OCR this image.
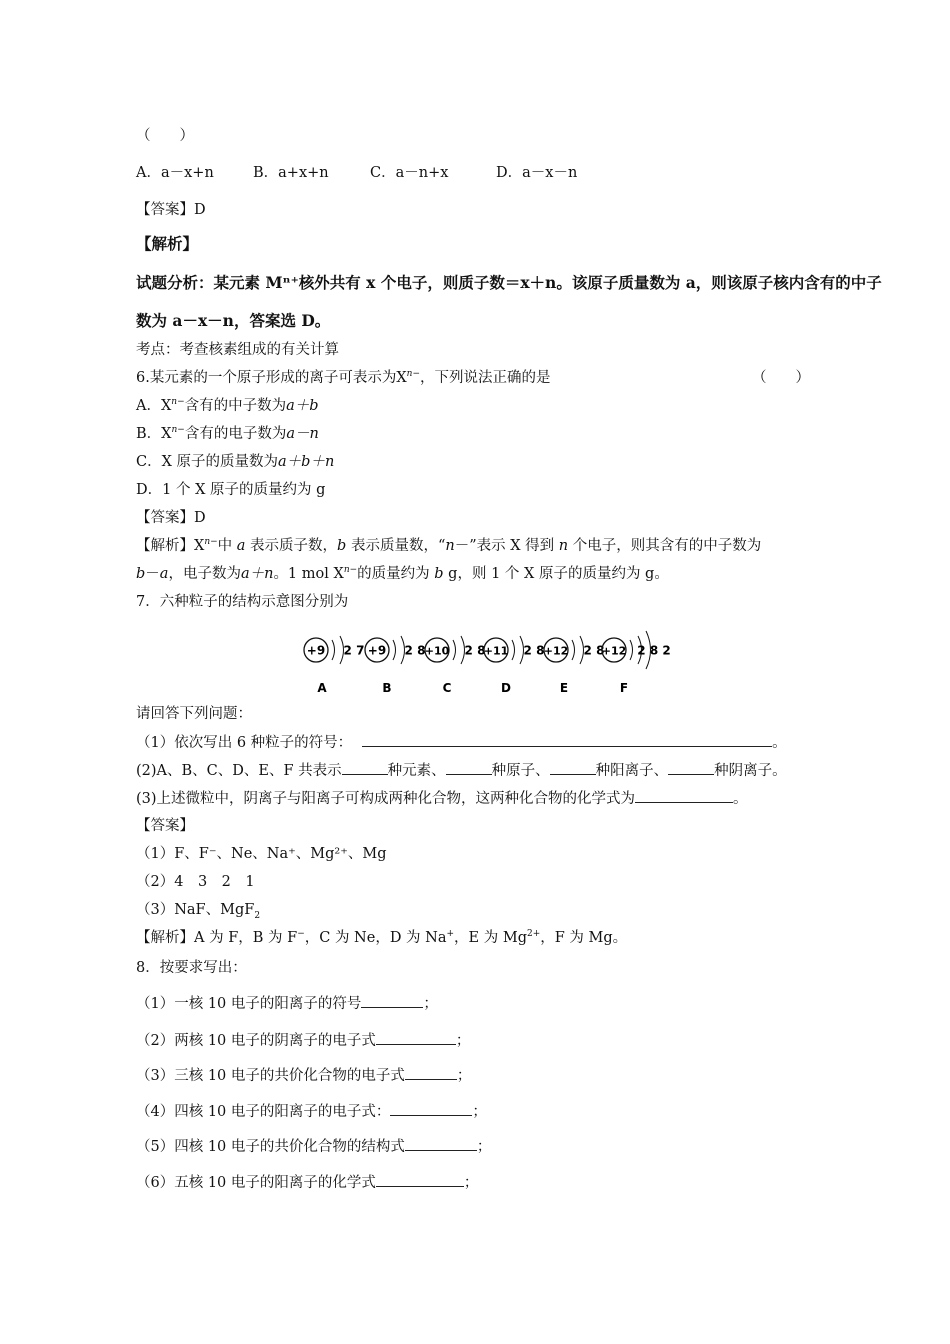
（　　）
A．a－x+n	B．a+x+n	C．a－n+x	D．a－x－n
【答案】D
【解析】
试题分析：某元素 Mⁿ⁺核外共有 x 个电子，则质子数＝x＋n。该原子质量数为 a，则该原子核内含有的中子
数为 a－x－n，答案选 D。
考点：考查核素组成的有关计算
6.某元素的一个原子形成的离子可表示为$X^{n-}$，下列说法正确的是	（　　）
A．$X^{n-}$含有的中子数为a＋b
B．$X^{n-}$含有的电子数为a－n
C．X 原子的质量数为a＋b＋n
D．1 个 X 原子的质量约为 g
【答案】D
【解析】$X^{n-}$中 a 表示质子数，b 表示质量数，“n－”表示 X 得到 n 个电子，则其含有的中子数为
b－a，电子数为a＋n。1 mol $X^{n-}$的质量约为 b g，则 1 个 X 原子的质量约为 g。
7．六种粒子的结构示意图分别为
+9 2 7
A
+9 2 8
B
+10 2 8
C
+11 2 8
D
+12 2 8
E
+12 2 8 2
F
请回答下列问题：
（1）依次写出 6 种粒子的符号：	。
(2)A、B、C、D、E、F 共表示	种元素、	种原子、	种阳离子、	种阴离子。
(3)上述微粒中，阴离子与阳离子可构成两种化合物，这两种化合物的化学式为	。
【答案】
（1）F、F⁻、Ne、Na⁺、Mg²⁺、Mg
（2）4　3　2　1
（3）NaF、MgF$_2$
【解析】A 为 F，B 为 F−，C 为 Ne，D 为 Na+，E 为 $Mg^{2+}$，F 为 Mg。
8．按要求写出：
（1）一核 10 电子的阳离子的符号	；
（2）两核 10 电子的阴离子的电子式	；
（3）三核 10 电子的共价化合物的电子式	；
（4）四核 10 电子的阳离子的电子式：	；
（5）四核 10 电子的共价化合物的结构式	；
（6）五核 10 电子的阳离子的化学式	；
